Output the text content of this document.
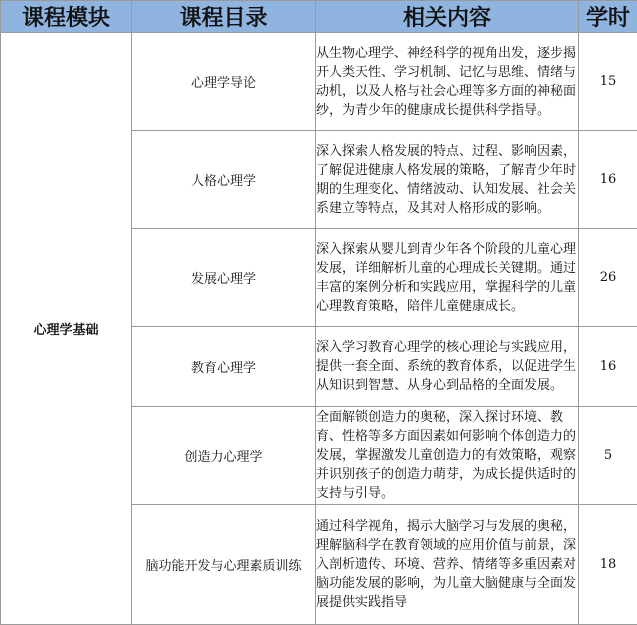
课程模块	课程目录	相关内容	学时
心理学基础	心理学导论	从生物心理学、神经科学的视角出发，逐步揭开人类天性、学习机制、记忆与思维、情绪与动机，以及人格与社会心理等多方面的神秘面纱，为青少年的健康成长提供科学指导。	15
	人格心理学	深入探索人格发展的特点、过程、影响因素，了解促进健康人格发展的策略，了解青少年时期的生理变化、情绪波动、认知发展、社会关系建立等特点，及其对人格形成的影响。	16
	发展心理学	深入探索从婴儿到青少年各个阶段的儿童心理发展，详细解析儿童的心理成长关键期。通过丰富的案例分析和实践应用，掌握科学的儿童心理教育策略，陪伴儿童健康成长。	26
	教育心理学	深入学习教育心理学的核心理论与实践应用，提供一套全面、系统的教育体系，以促进学生从知识到智慧、从身心到品格的全面发展。	16
	创造力心理学	全面解锁创造力的奥秘，深入探讨环境、教育、性格等多方面因素如何影响个体创造力的发展，掌握激发儿童创造力的有效策略，观察并识别孩子的创造力萌芽，为成长提供适时的支持与引导。	5
	脑功能开发与心理素质训练	通过科学视角，揭示大脑学习与发展的奥秘，理解脑科学在教育领域的应用价值与前景，深入剖析遗传、环境、营养、情绪等多重因素对脑功能发展的影响，为儿童大脑健康与全面发展提供实践指导	18
